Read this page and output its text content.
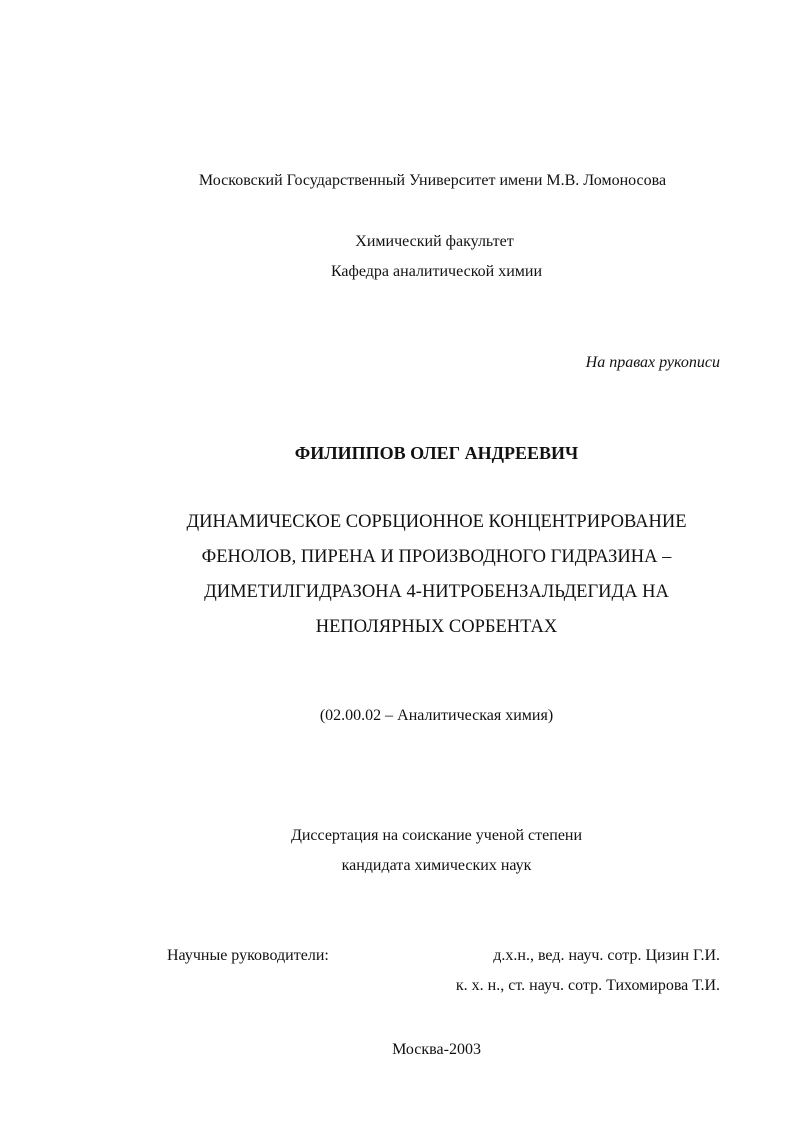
Московский Государственный Университет имени М.В. Ломоносова
Химический факультет
Кафедра аналитической химии
На правах рукописи
ФИЛИППОВ ОЛЕГ АНДРЕЕВИЧ
ДИНАМИЧЕСКОЕ СОРБЦИОННОЕ КОНЦЕНТРИРОВАНИЕ
ФЕНОЛОВ, ПИРЕНА И ПРОИЗВОДНОГО ГИДРАЗИНА –
ДИМЕТИЛГИДРАЗОНА 4-НИТРОБЕНЗАЛЬДЕГИДА НА
НЕПОЛЯРНЫХ СОРБЕНТАХ
(02.00.02 – Аналитическая химия)
Диссертация на соискание ученой степени
кандидата химических наук
Научные руководители:	д.х.н., вед. науч. сотр. Цизин Г.И.
к. х. н., ст. науч. сотр. Тихомирова Т.И.
Москва-2003
